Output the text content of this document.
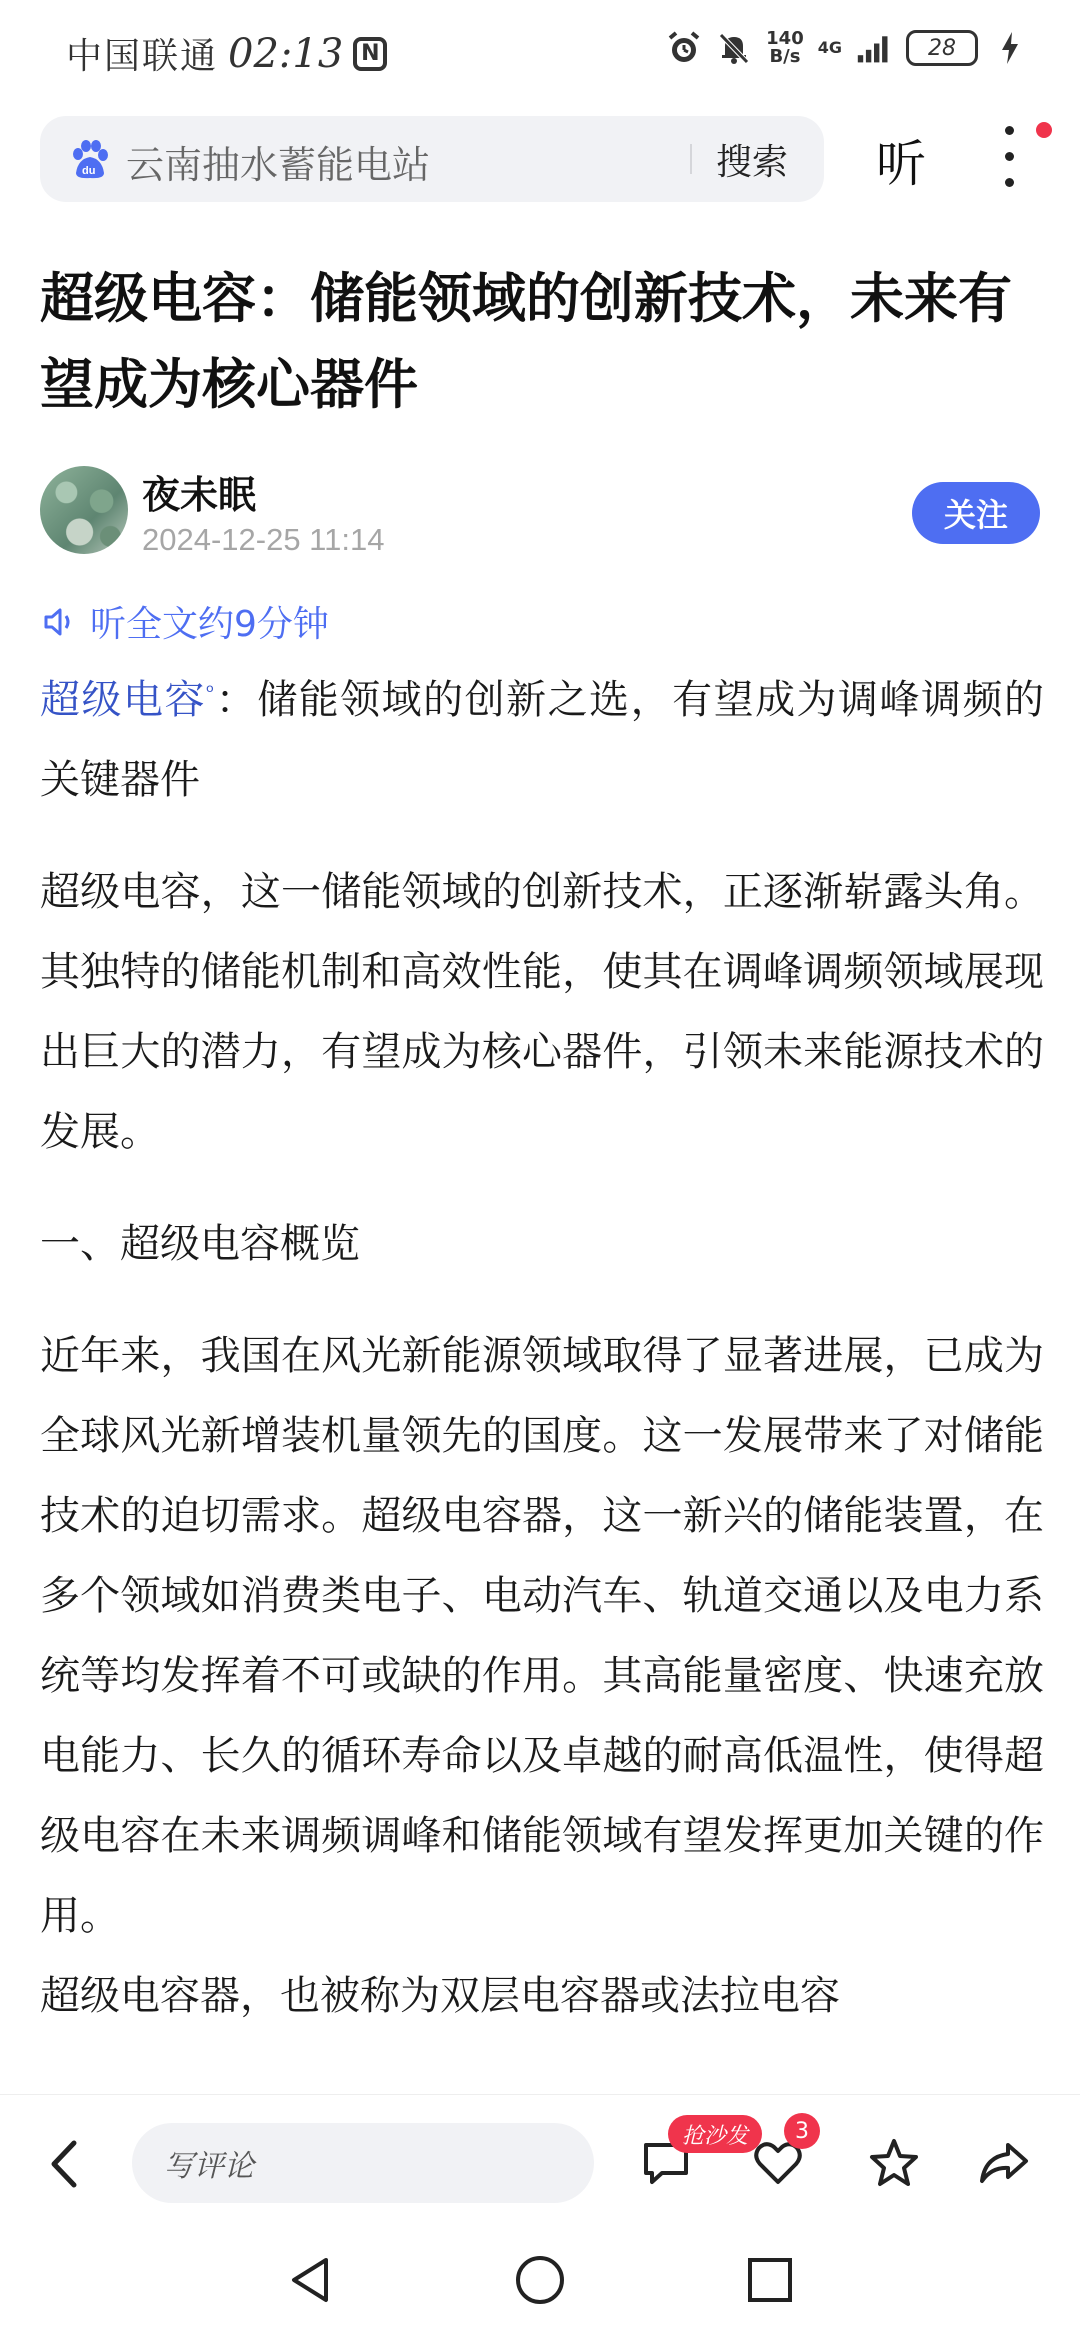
中国联通 02:13 N
140
B/s 4G	28
du 云南抽水蓄能电站	搜索 听
超级电容：储能领域的创新技术，未来有望成为核心器件
夜未眠
2024-12-25 11:14
关注
听全文约9分钟

超级电容$^ᵒ$：储能领域的创新之选，有望成为调峰调频的关键器件

超级电容，这一储能领域的创新技术，正逐渐崭露头角。其独特的储能机制和高效性能，使其在调峰调频领域展现出巨大的潜力，有望成为核心器件，引领未来能源技术的发展。

一、超级电容概览

近年来，我国在风光新能源领域取得了显著进展，已成为全球风光新增装机量领先的国度。这一发展带来了对储能技术的迫切需求。超级电容器，这一新兴的储能装置，在多个领域如消费类电子、电动汽车、轨道交通以及电力系统等均发挥着不可或缺的作用。其高能量密度、快速充放电能力、长久的循环寿命以及卓越的耐高低温性，使得超级电容在未来调频调峰和储能领域有望发挥更加关键的作用。

超级电容器，也被称为双层电容器或法拉电容

写评论
抢沙发	3
